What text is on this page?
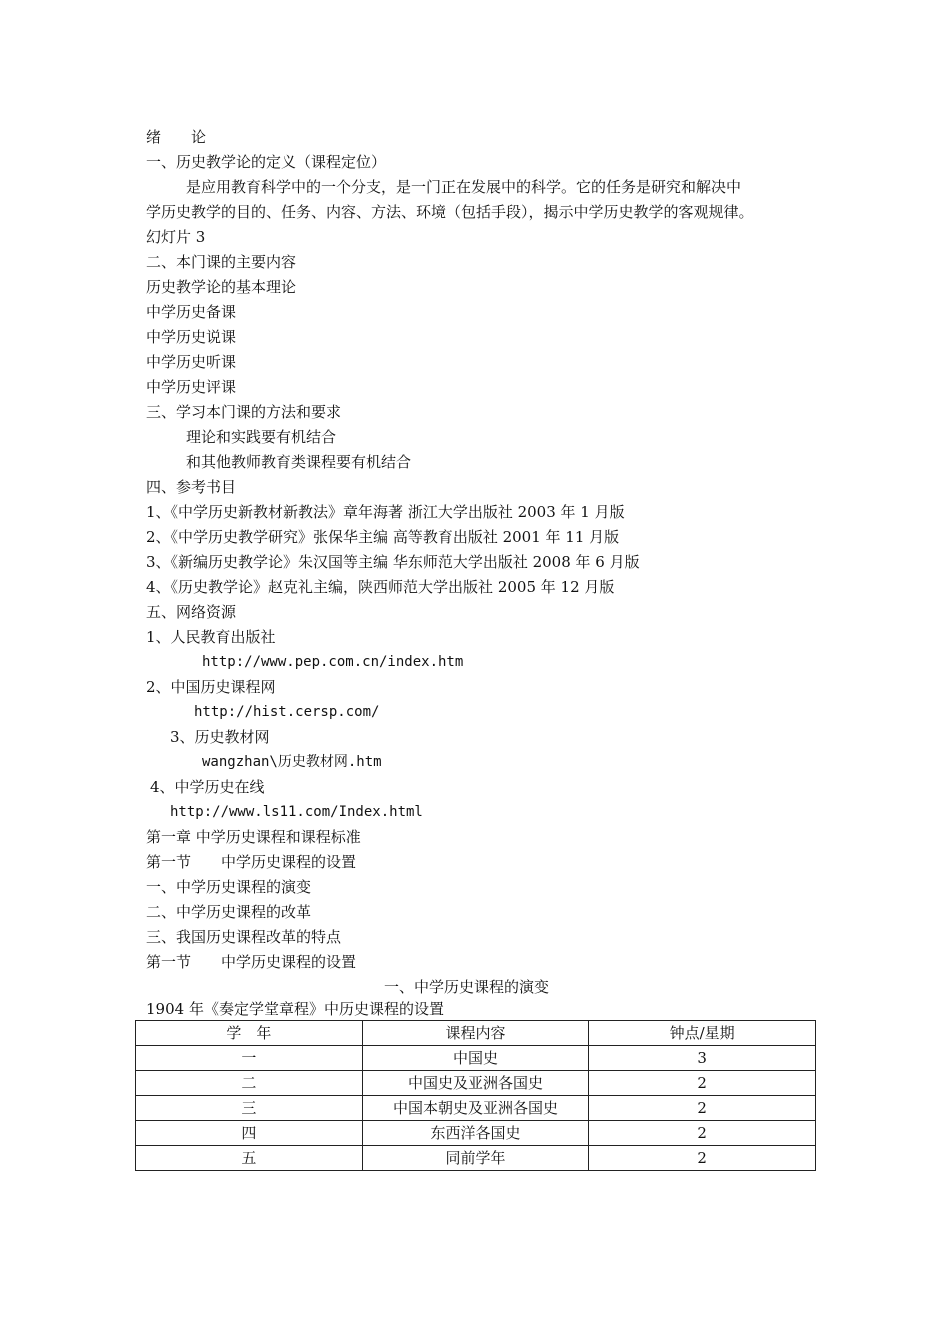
绪　　论
一、历史教学论的定义（课程定位）
是应用教育科学中的一个分支，是一门正在发展中的科学。它的任务是研究和解决中
学历史教学的目的、任务、内容、方法、环境（包括手段），揭示中学历史教学的客观规律。
幻灯片 3
二、本门课的主要内容
历史教学论的基本理论
中学历史备课
中学历史说课
中学历史听课
中学历史评课
三、学习本门课的方法和要求
理论和实践要有机结合
和其他教师教育类课程要有机结合
四、参考书目
1、《中学历史新教材新教法》章年海著 浙江大学出版社 2003 年 1 月版
2、《中学历史教学研究》张保华主编 高等教育出版社 2001 年 11 月版
3、《新编历史教学论》朱汉国等主编 华东师范大学出版社 2008 年 6 月版
4、《历史教学论》赵克礼主编，陕西师范大学出版社 2005 年 12 月版
五、网络资源
1、人民教育出版社
http://www.pep.com.cn/index.htm
2、中国历史课程网
http://hist.cersp.com/
3、历史教材网
wangzhan\历史教材网.htm
4、中学历史在线
http://www.ls11.com/Index.html
第一章 中学历史课程和课程标准
第一节　　中学历史课程的设置
一、中学历史课程的演变
二、中学历史课程的改革
三、我国历史课程改革的特点
第一节　　中学历史课程的设置
一、中学历史课程的演变
1904 年《奏定学堂章程》中历史课程的设置
学　年	课程内容	钟点/星期
一	中国史	3
二	中国史及亚洲各国史	2
三	中国本朝史及亚洲各国史	2
四	东西洋各国史	2
五	同前学年	2
